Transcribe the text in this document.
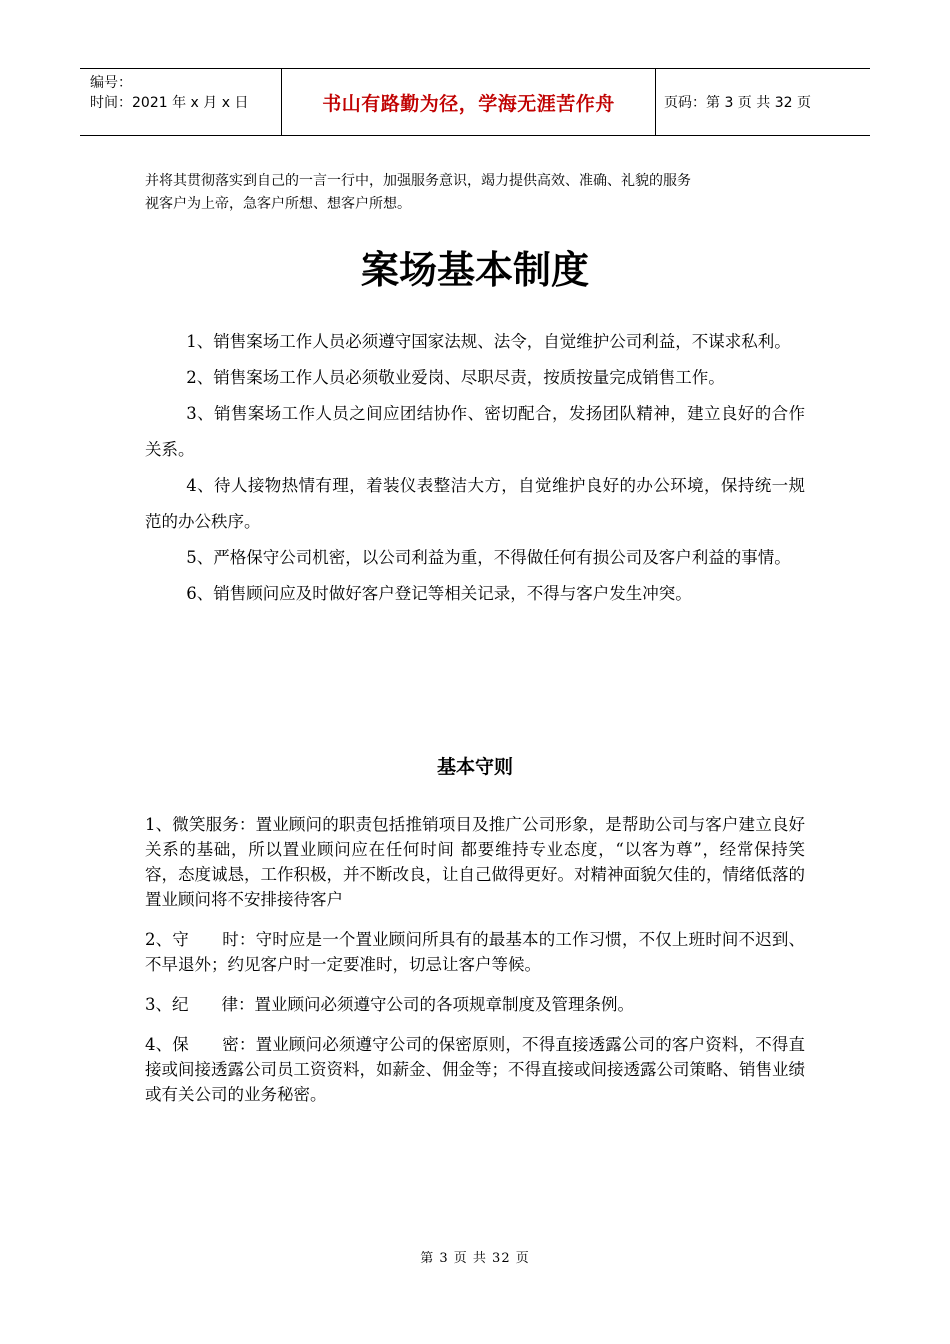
编号：
时间：2021 年 x 月 x 日	书山有路勤为径，学海无涯苦作舟	页码：第 3 页 共 32 页

并将其贯彻落实到自己的一言一行中，加强服务意识，竭力提供高效、准确、礼貌的服务

视客户为上帝，急客户所想、想客户所想。

案场基本制度

1、销售案场工作人员必须遵守国家法规、法令，自觉维护公司利益，不谋求私利。

2、销售案场工作人员必须敬业爱岗、尽职尽责，按质按量完成销售工作。

3、销售案场工作人员之间应团结协作、密切配合，发扬团队精神，建立良好的合作关系。

4、待人接物热情有理，着装仪表整洁大方，自觉维护良好的办公环境，保持统一规范的办公秩序。

5、严格保守公司机密，以公司利益为重，不得做任何有损公司及客户利益的事情。

6、销售顾问应及时做好客户登记等相关记录，不得与客户发生冲突。

基本守则

1、微笑服务：置业顾问的职责包括推销项目及推广公司形象，是帮助公司与客户建立良好关系的基础，所以置业顾问应在任何时间 都要维持专业态度，“以客为尊”，经常保持笑容，态度诚恳，工作积极，并不断改良，让自己做得更好。对精神面貌欠佳的，情绪低落的置业顾问将不安排接待客户

2、守　　时：守时应是一个置业顾问所具有的最基本的工作习惯，不仅上班时间不迟到、不早退外；约见客户时一定要准时，切忌让客户等候。

3、纪　　律：置业顾问必须遵守公司的各项规章制度及管理条例。

4、保　　密：置业顾问必须遵守公司的保密原则，不得直接透露公司的客户资料，不得直接或间接透露公司员工资资料，如薪金、佣金等；不得直接或间接透露公司策略、销售业绩或有关公司的业务秘密。

第 3 页 共 32 页
